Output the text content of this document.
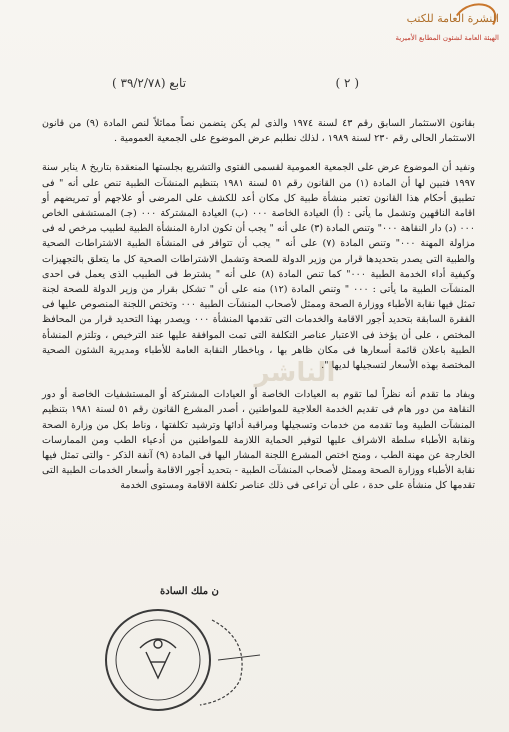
النشرة العامة للكتب
الهيئة العامة لشئون المطابع الأميرية
( ٢ )
تابع (٣٩/٢/٧٨ )

بقانون الاستثمار السابق رقم ٤٣ لسنة ١٩٧٤ والذى لم يكن يتضمن نصاً مماثلاً لنص المادة (٩) من قانون الاستثمار الحالى رقم ٢٣٠ لسنة ١٩٨٩ ، لذلك نطلبم عرض الموضوع على الجمعية العمومية .

ونفيد أن الموضوع عرض على الجمعية العمومية لقسمى الفتوى والتشريع بجلستها المنعقدة بتاريخ ٨ يناير سنة ١٩٩٧ فتبين لها أن المادة (١) من القانون رقم ٥١ لسنة ١٩٨١ بتنظيم المنشآت الطبية تنص على أنه " فى تطبيق أحكام هذا القانون تعتبر منشأة طبية كل مكان أعد للكشف على المرضى أو علاجهم أو تمريضهم أو اقامة الناقهين وتشمل ما يأتى : (أ) العيادة الخاصة ٠٠٠ (ب) العيادة المشتركة ٠٠٠ (جـ) المستشفى الخاص ٠٠٠ (د) دار النقاهة ٠٠٠" وتنص المادة (٣) على أنه " يجب أن تكون ادارة المنشأة الطبية لطبيب مرخص له فى مزاولة المهنة ٠٠٠" وتنص المادة (٧) على أنه " يجب أن تتوافر فى المنشأة الطبية الاشتراطات الصحية والطبية التى يصدر بتحديدها قرار من وزير الدولة للصحة وتشمل الاشتراطات الصحية كل ما يتعلق بالتجهيزات وكيفية أداء الخدمة الطبية ٠٠٠" كما تنص المادة (٨) على أنه " يشترط فى الطبيب الذى يعمل فى احدى المنشآت الطبية ما يأتى : ٠٠٠ " وتنص المادة (١٢) منه على أن " تشكل بقرار من وزير الدولة للصحة لجنة تمثل فيها نقابة الأطباء ووزارة الصحة وممثل لأصحاب المنشآت الطبية ٠٠٠ وتختص اللجنة المنصوص عليها فى الفقرة السابقة بتحديد أجور الاقامة والخدمات التى تقدمها المنشأة ٠٠٠ ويصدر بهذا التحديد قرار من المحافظ المختص ، على أن يؤخذ فى الاعتبار عناصر التكلفة التى تمت الموافقة عليها عند الترخيص ، وتلتزم المنشأة الطبية باعلان قائمة أسعارها فى مكان ظاهر بها ، وباخطار النقابة العامة للأطباء ومديرية الشئون الصحية المختصة بهذه الأسعار لتسجيلها لديها ".

وبفاد ما تقدم أنه نظراً لما تقوم به العيادات الخاصة أو العيادات المشتركة أو المستشفيات الخاصة أو دور النقاهة من دور هام فى تقديم الخدمة العلاجية للمواطنين ، أصدر المشرع القانون رقم ٥١ لسنة ١٩٨١ بتنظيم المنشآت الطبية وما تقدمه من خدمات وتسجيلها ومراقبة أدائها وترشيد تكلفتها ، وناط بكل من وزارة الصحة ونقابة الأطباء سلطة الاشراف عليها لتوفير الحماية اللازمة للمواطنين من أدعياء الطب ومن الممارسات الخارجة عن مهنة الطب ، ومنح اختص المشرع اللجنة المشار اليها فى المادة (٩) آنفة الذكر - والتى تمثل فيها نقابة الأطباء ووزارة الصحة وممثل لأصحاب المنشآت الطبية - بتحديد أجور الاقامة وأسعار الخدمات الطبية التى تقدمها كل منشأة على حدة ، على أن تراعى فى ذلك عناصر تكلفة الاقامة ومستوى الخدمة

الناشر
ن ملك السادة
